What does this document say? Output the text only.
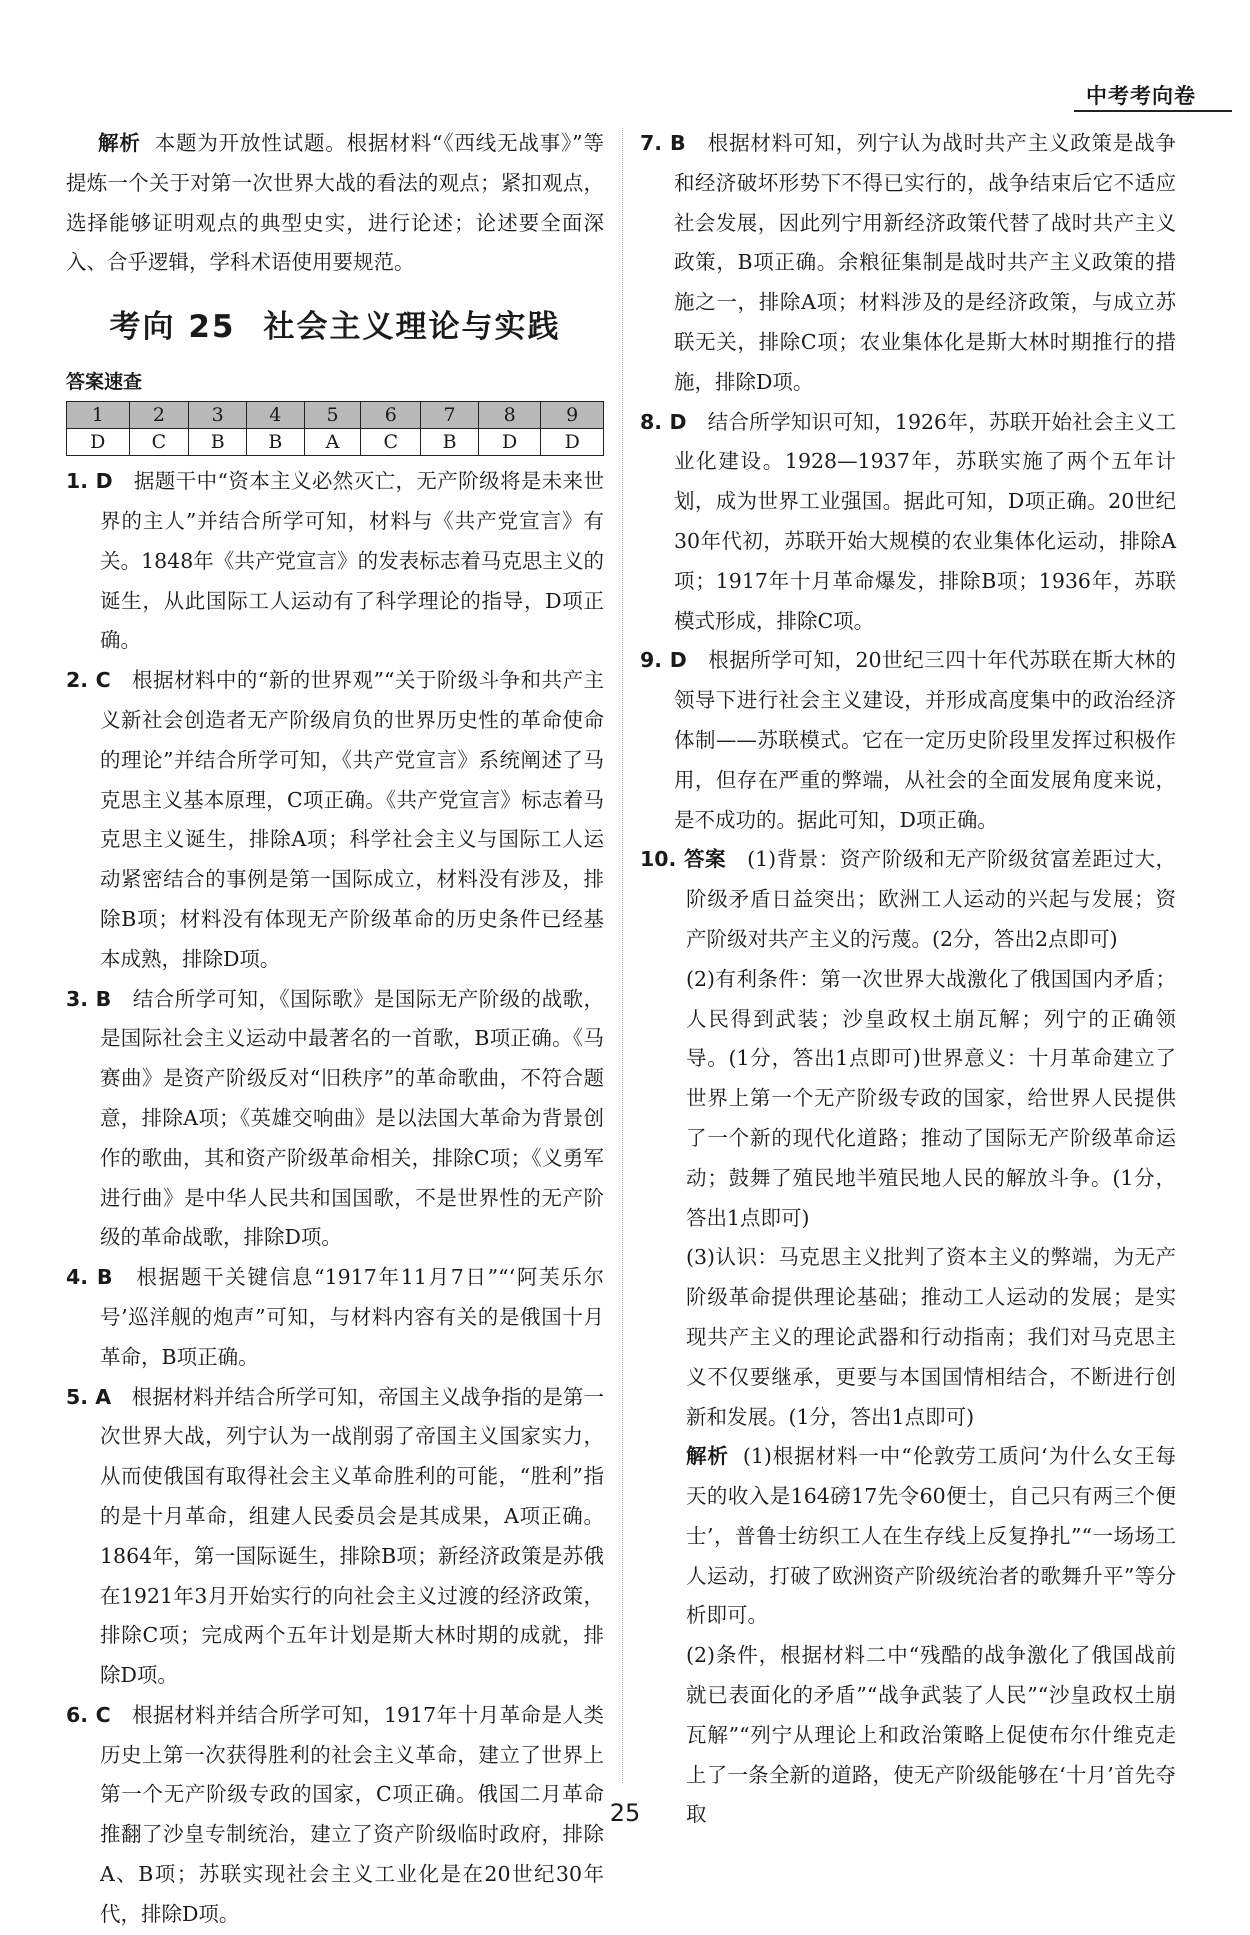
中考考向卷

解析 本题为开放性试题。根据材料“《西线无战事》”等提炼一个关于对第一次世界大战的看法的观点；紧扣观点，选择能够证明观点的典型史实，进行论述；论述要全面深入、合乎逻辑，学科术语使用要规范。

考向 25 社会主义理论与实践
答案速查
1	2	3	4	5	6	7	8	9
D	C	B	B	A	C	B	D	D

1. D　 据题干中“资本主义必然灭亡，无产阶级将是未来世界的主人”并结合所学可知，材料与《共产党宣言》有关。1848年《共产党宣言》的发表标志着马克思主义的诞生，从此国际工人运动有了科学理论的指导，D项正确。

2. C　 根据材料中的“新的世界观”“关于阶级斗争和共产主义新社会创造者无产阶级肩负的世界历史性的革命使命的理论”并结合所学可知，《共产党宣言》系统阐述了马克思主义基本原理，C项正确。《共产党宣言》标志着马克思主义诞生，排除A项；科学社会主义与国际工人运动紧密结合的事例是第一国际成立，材料没有涉及，排除B项；材料没有体现无产阶级革命的历史条件已经基本成熟，排除D项。

3. B　 结合所学可知，《国际歌》是国际无产阶级的战歌，是国际社会主义运动中最著名的一首歌，B项正确。《马赛曲》是资产阶级反对“旧秩序”的革命歌曲，不符合题意，排除A项；《英雄交响曲》是以法国大革命为背景创作的歌曲，其和资产阶级革命相关，排除C项；《义勇军进行曲》是中华人民共和国国歌，不是世界性的无产阶级的革命战歌，排除D项。

4. B　 根据题干关键信息“1917年11月7日”“‘阿芙乐尔号’巡洋舰的炮声”可知，与材料内容有关的是俄国十月革命，B项正确。

5. A　 根据材料并结合所学可知，帝国主义战争指的是第一次世界大战，列宁认为一战削弱了帝国主义国家实力，从而使俄国有取得社会主义革命胜利的可能，“胜利”指的是十月革命，组建人民委员会是其成果，A项正确。1864年，第一国际诞生，排除B项；新经济政策是苏俄在1921年3月开始实行的向社会主义过渡的经济政策，排除C项；完成两个五年计划是斯大林时期的成就，排除D项。

6. C　 根据材料并结合所学可知，1917年十月革命是人类历史上第一次获得胜利的社会主义革命，建立了世界上第一个无产阶级专政的国家，C项正确。俄国二月革命推翻了沙皇专制统治，建立了资产阶级临时政府，排除A、B项；苏联实现社会主义工业化是在20世纪30年代，排除D项。

7. B　 根据材料可知，列宁认为战时共产主义政策是战争和经济破坏形势下不得已实行的，战争结束后它不适应社会发展，因此列宁用新经济政策代替了战时共产主义政策，B项正确。余粮征集制是战时共产主义政策的措施之一，排除A项；材料涉及的是经济政策，与成立苏联无关，排除C项；农业集体化是斯大林时期推行的措施，排除D项。

8. D　 结合所学知识可知，1926年，苏联开始社会主义工业化建设。1928—1937年，苏联实施了两个五年计划，成为世界工业强国。据此可知，D项正确。20世纪30年代初，苏联开始大规模的农业集体化运动，排除A项；1917年十月革命爆发，排除B项；1936年，苏联模式形成，排除C项。

9. D　 根据所学可知，20世纪三四十年代苏联在斯大林的领导下进行社会主义建设，并形成高度集中的政治经济体制——苏联模式。它在一定历史阶段里发挥过积极作用，但存在严重的弊端，从社会的全面发展角度来说，是不成功的。据此可知，D项正确。

10. 答案　 (1)背景：资产阶级和无产阶级贫富差距过大，阶级矛盾日益突出；欧洲工人运动的兴起与发展；资产阶级对共产主义的污蔑。(2分，答出2点即可)

(2)有利条件：第一次世界大战激化了俄国国内矛盾；人民得到武装；沙皇政权土崩瓦解；列宁的正确领导。(1分，答出1点即可)世界意义：十月革命建立了世界上第一个无产阶级专政的国家，给世界人民提供了一个新的现代化道路；推动了国际无产阶级革命运动；鼓舞了殖民地半殖民地人民的解放斗争。(1分，答出1点即可)

(3)认识：马克思主义批判了资本主义的弊端，为无产阶级革命提供理论基础；推动工人运动的发展；是实现共产主义的理论武器和行动指南；我们对马克思主义不仅要继承，更要与本国国情相结合，不断进行创新和发展。(1分，答出1点即可)

解析 (1)根据材料一中“伦敦劳工质问‘为什么女王每天的收入是164磅17先令60便士，自己只有两三个便士’，普鲁士纺织工人在生存线上反复挣扎”“一场场工人运动，打破了欧洲资产阶级统治者的歌舞升平”等分析即可。

(2)条件，根据材料二中“残酷的战争激化了俄国战前就已表面化的矛盾”“战争武装了人民”“沙皇政权土崩瓦解”“列宁从理论上和政治策略上促使布尔什维克走上了一条全新的道路，使无产阶级能够在‘十月’首先夺取

25
